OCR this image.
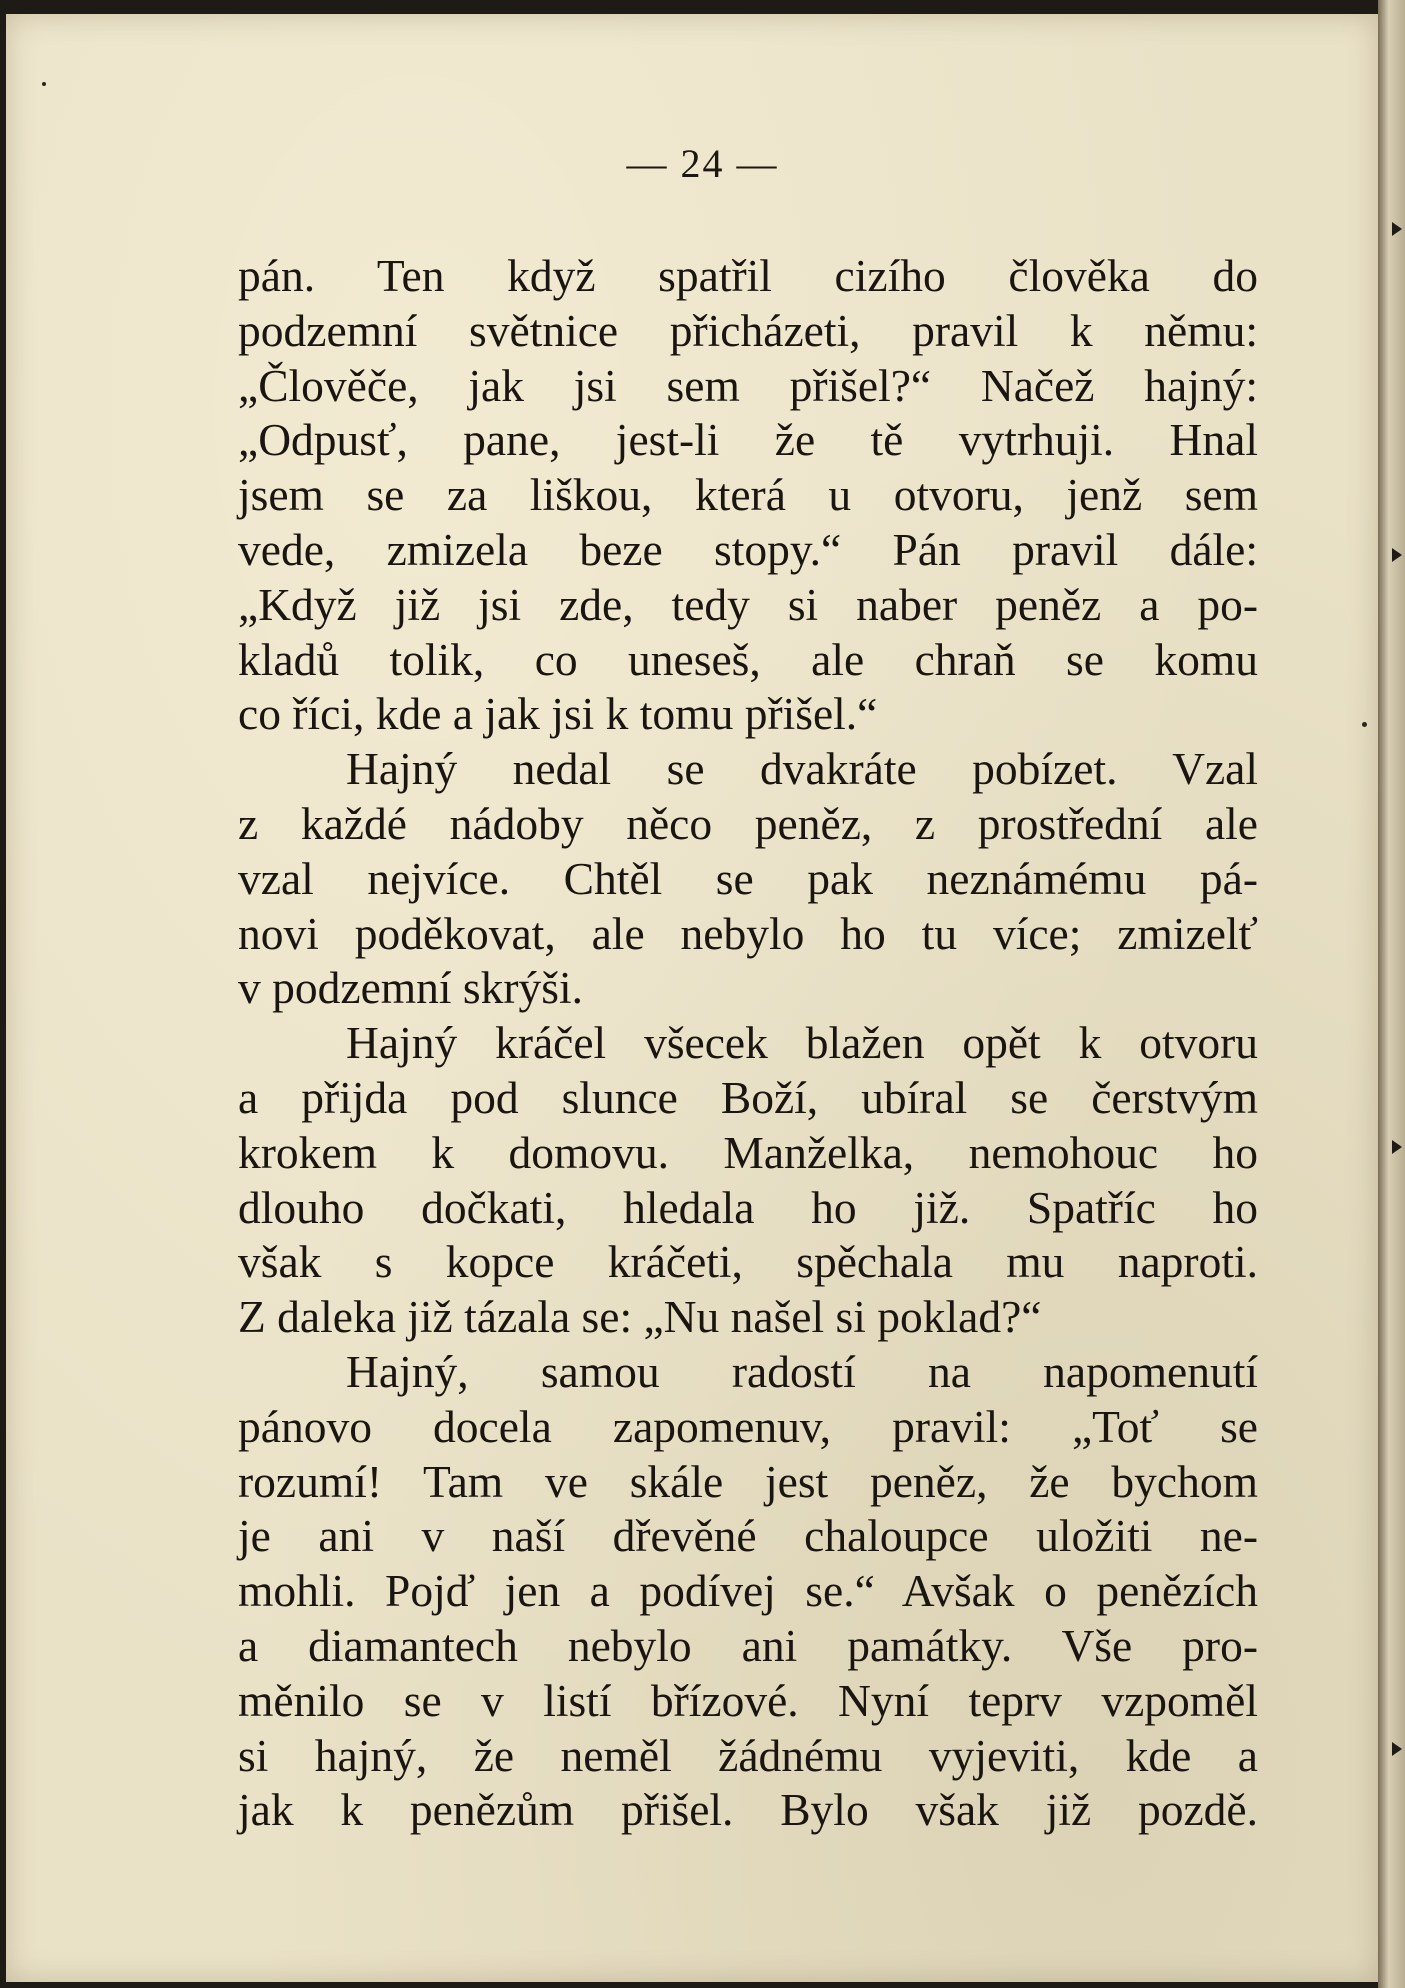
— 24 —
pán. Ten když spatřil cizího člověka do
podzemní světnice přicházeti, pravil k němu:
„Člověče, jak jsi sem přišel?“ Načež hajný:
„Odpusť, pane, jest-li že tě vytrhuji. Hnal
jsem se za liškou, která u otvoru, jenž sem
vede, zmizela beze stopy.“ Pán pravil dále:
„Když již jsi zde, tedy si naber peněz a po-
kladů tolik, co uneseš, ale chraň se komu
co říci, kde a jak jsi k tomu přišel.“
Hajný nedal se dvakráte pobízet. Vzal
z každé nádoby něco peněz, z prostřední ale
vzal nejvíce. Chtěl se pak neznámému pá-
novi poděkovat, ale nebylo ho tu více; zmizelť
v podzemní skrýši.
Hajný kráčel všecek blažen opět k otvoru
a přijda pod slunce Boží, ubíral se čerstvým
krokem k domovu. Manželka, nemohouc ho
dlouho dočkati, hledala ho již. Spatříc ho
však s kopce kráčeti, spěchala mu naproti.
Z daleka již tázala se: „Nu našel si poklad?“
Hajný, samou radostí na napomenutí
pánovo docela zapomenuv, pravil: „Toť se
rozumí! Tam ve skále jest peněz, že bychom
je ani v naší dřevěné chaloupce uložiti ne-
mohli. Pojď jen a podívej se.“ Avšak o penězích
a diamantech nebylo ani památky. Vše pro-
měnilo se v listí břízové. Nyní teprv vzpoměl
si hajný, že neměl žádnému vyjeviti, kde a
jak k penězům přišel. Bylo však již pozdě.
